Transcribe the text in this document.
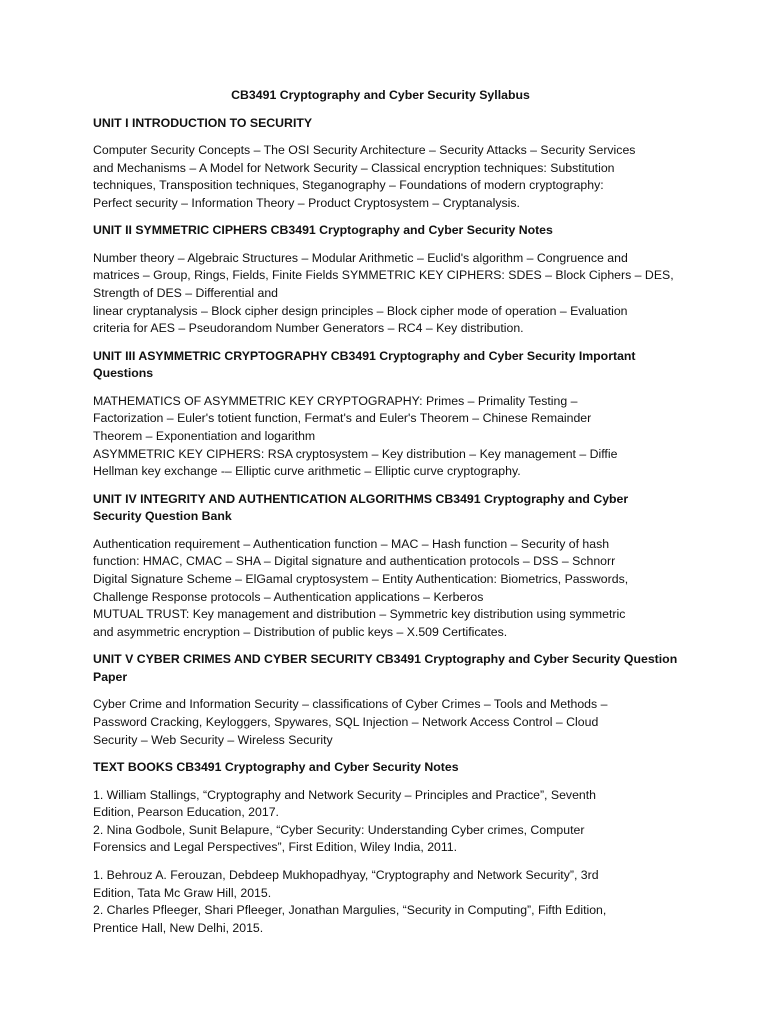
CB3491 Cryptography and Cyber Security Syllabus
UNIT I INTRODUCTION TO SECURITY
Computer Security Concepts – The OSI Security Architecture – Security Attacks – Security Services
and Mechanisms – A Model for Network Security – Classical encryption techniques: Substitution
techniques, Transposition techniques, Steganography – Foundations of modern cryptography:
Perfect security – Information Theory – Product Cryptosystem – Cryptanalysis.
UNIT II SYMMETRIC CIPHERS CB3491 Cryptography and Cyber Security Notes
Number theory – Algebraic Structures – Modular Arithmetic – Euclid's algorithm – Congruence and
matrices – Group, Rings, Fields, Finite Fields SYMMETRIC KEY CIPHERS: SDES – Block Ciphers – DES,
Strength of DES – Differential and
linear cryptanalysis – Block cipher design principles – Block cipher mode of operation – Evaluation
criteria for AES – Pseudorandom Number Generators – RC4 – Key distribution.
UNIT III ASYMMETRIC CRYPTOGRAPHY CB3491 Cryptography and Cyber Security Important
Questions
MATHEMATICS OF ASYMMETRIC KEY CRYPTOGRAPHY: Primes – Primality Testing –
Factorization – Euler's totient function, Fermat's and Euler's Theorem – Chinese Remainder
Theorem – Exponentiation and logarithm
ASYMMETRIC KEY CIPHERS: RSA cryptosystem – Key distribution – Key management – Diffie
Hellman key exchange -– Elliptic curve arithmetic – Elliptic curve cryptography.
UNIT IV INTEGRITY AND AUTHENTICATION ALGORITHMS CB3491 Cryptography and Cyber
Security Question Bank
Authentication requirement – Authentication function – MAC – Hash function – Security of hash
function: HMAC, CMAC – SHA – Digital signature and authentication protocols – DSS – Schnorr
Digital Signature Scheme – ElGamal cryptosystem – Entity Authentication: Biometrics, Passwords,
Challenge Response protocols – Authentication applications – Kerberos
MUTUAL TRUST: Key management and distribution – Symmetric key distribution using symmetric
and asymmetric encryption – Distribution of public keys – X.509 Certificates.
UNIT V CYBER CRIMES AND CYBER SECURITY CB3491 Cryptography and Cyber Security Question
Paper
Cyber Crime and Information Security – classifications of Cyber Crimes – Tools and Methods –
Password Cracking, Keyloggers, Spywares, SQL Injection – Network Access Control – Cloud
Security – Web Security – Wireless Security
TEXT BOOKS CB3491 Cryptography and Cyber Security Notes
1. William Stallings, “Cryptography and Network Security – Principles and Practice”, Seventh
Edition, Pearson Education, 2017.
2. Nina Godbole, Sunit Belapure, “Cyber Security: Understanding Cyber crimes, Computer
Forensics and Legal Perspectives”, First Edition, Wiley India, 2011.
1. Behrouz A. Ferouzan, Debdeep Mukhopadhyay, “Cryptography and Network Security”, 3rd
Edition, Tata Mc Graw Hill, 2015.
2. Charles Pfleeger, Shari Pfleeger, Jonathan Margulies, “Security in Computing”, Fifth Edition,
Prentice Hall, New Delhi, 2015.
